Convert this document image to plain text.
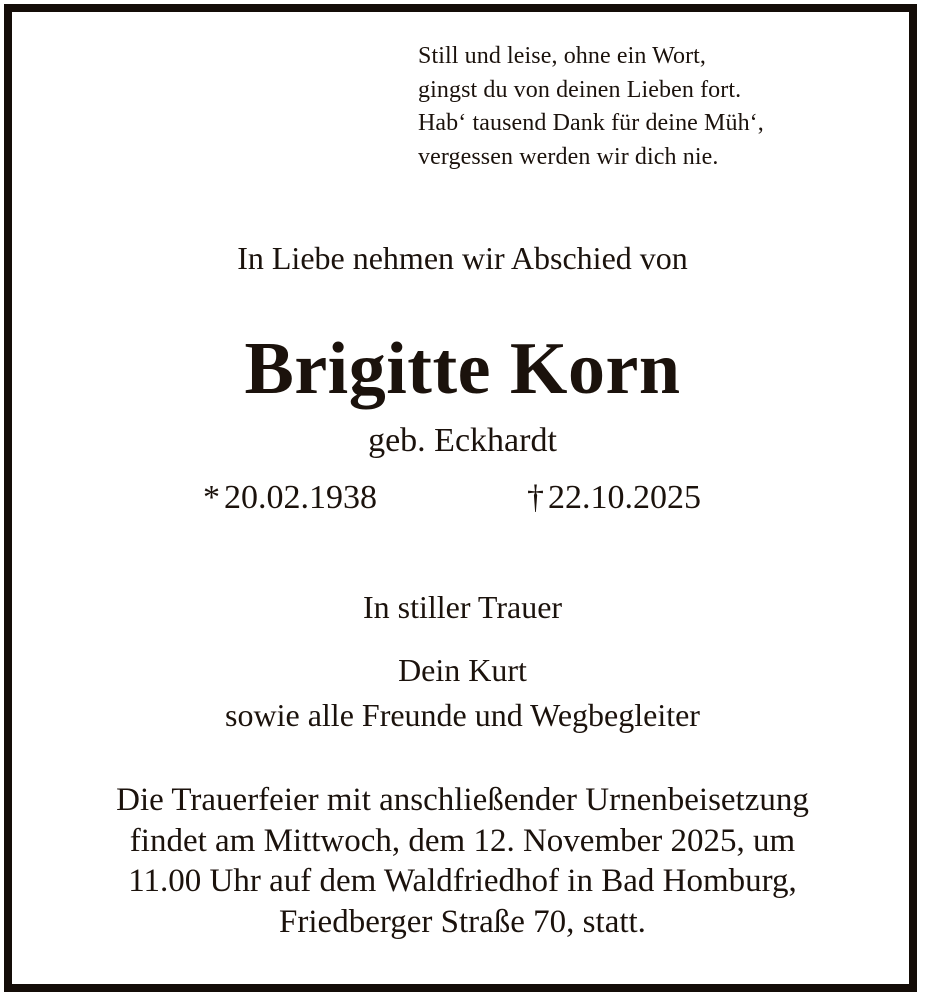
Still und leise, ohne ein Wort,
gingst du von deinen Lieben fort.
Hab‘ tausend Dank für deine Müh‘,
vergessen werden wir dich nie.
In Liebe nehmen wir Abschied von
Brigitte Korn
geb. Eckhardt
* 20.02.1938	† 22.10.2025
In stiller Trauer
Dein Kurt
sowie alle Freunde und Wegbegleiter
Die Trauerfeier mit anschließender Urnenbeisetzung
findet am Mittwoch, dem 12. November 2025, um
11.00 Uhr auf dem Waldfriedhof in Bad Homburg,
Friedberger Straße 70, statt.
